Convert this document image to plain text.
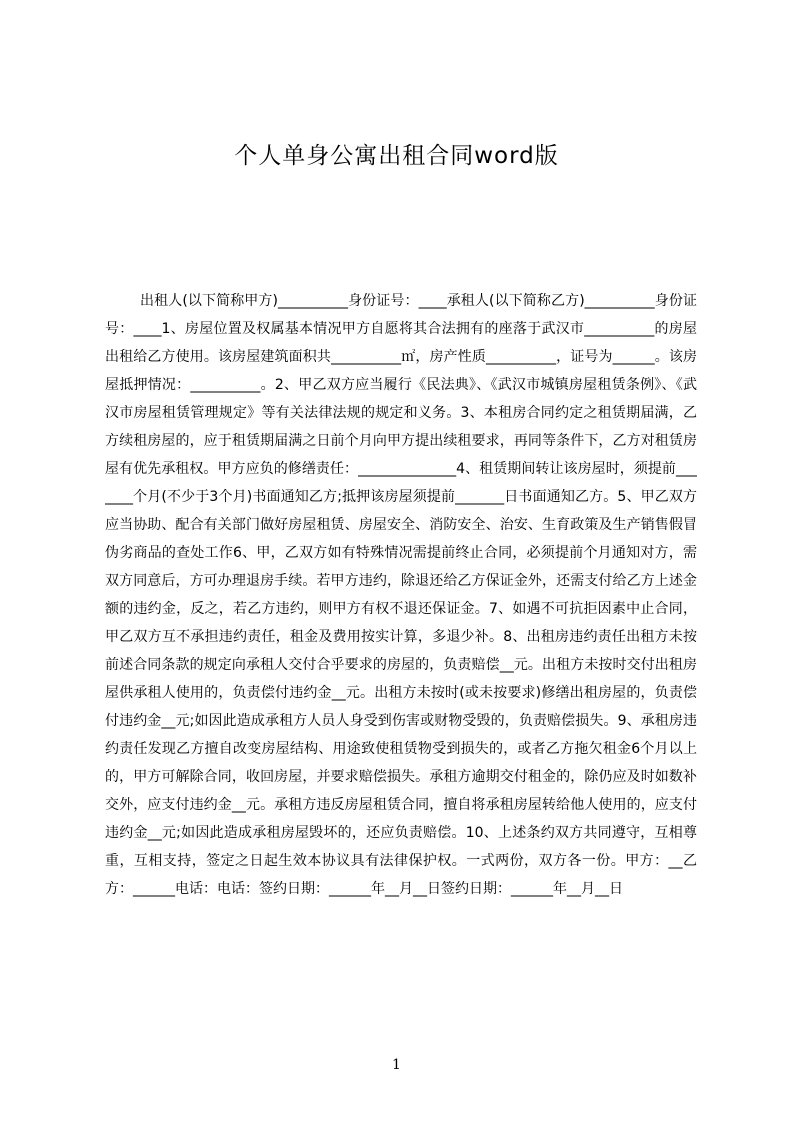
个人单身公寓出租合同word版

出租人(以下简称甲方)__________身份证号：____承租人(以下简称乙方)__________身份证号：____1、房屋位置及权属基本情况甲方自愿将其合法拥有的座落于武汉市__________的房屋出租给乙方使用。该房屋建筑面积共__________㎡，房产性质__________，证号为______。该房屋抵押情况：__________。2、甲乙双方应当履行《民法典》、《武汉市城镇房屋租赁条例》、《武汉市房屋租赁管理规定》等有关法律法规的规定和义务。3、本租房合同约定之租赁期届满，乙方续租房屋的，应于租赁期届满之日前个月向甲方提出续租要求，再同等条件下，乙方对租赁房屋有优先承租权。甲方应负的修缮责任：______________4、租赁期间转让该房屋时，须提前_______个月(不少于3个月)书面通知乙方;抵押该房屋须提前_______日书面通知乙方。5、甲乙双方应当协助、配合有关部门做好房屋租赁、房屋安全、消防安全、治安、生育政策及生产销售假冒伪劣商品的查处工作6、甲，乙双方如有特殊情况需提前终止合同，必须提前个月通知对方，需双方同意后，方可办理退房手续。若甲方违约，除退还给乙方保证金外，还需支付给乙方上述金额的违约金，反之，若乙方违约，则甲方有权不退还保证金。7、如遇不可抗拒因素中止合同，甲乙双方互不承担违约责任，租金及费用按实计算，多退少补。8、出租房违约责任出租方未按前述合同条款的规定向承租人交付合乎要求的房屋的，负责赔偿__元。出租方未按时交付出租房屋供承租人使用的，负责偿付违约金__元。出租方未按时(或未按要求)修缮出租房屋的，负责偿付违约金__元;如因此造成承租方人员人身受到伤害或财物受毁的，负责赔偿损失。9、承租房违约责任发现乙方擅自改变房屋结构、用途致使租赁物受到损失的，或者乙方拖欠租金6个月以上的，甲方可解除合同，收回房屋，并要求赔偿损失。承租方逾期交付租金的，除仍应及时如数补交外，应支付违约金__元。承租方违反房屋租赁合同，擅自将承租房屋转给他人使用的，应支付违约金__元;如因此造成承租房屋毁坏的，还应负责赔偿。10、上述条约双方共同遵守，互相尊重，互相支持，签定之日起生效本协议具有法律保护权。一式两份，双方各一份。甲方：__乙方：______电话：电话：签约日期：______年__月__日签约日期：______年__月__日

1
